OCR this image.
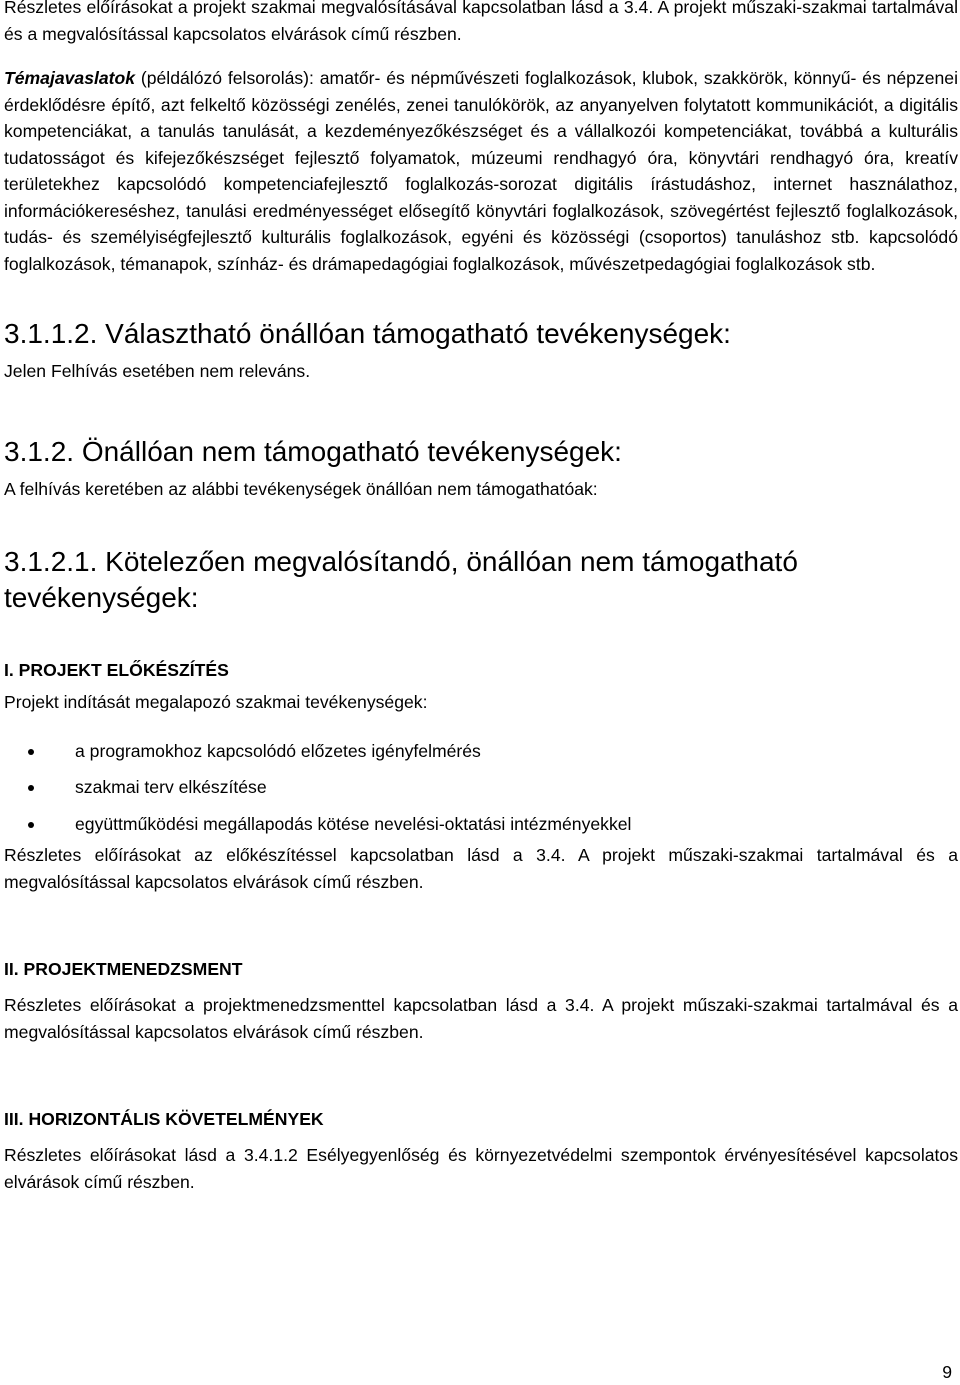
Részletes előírásokat a projekt szakmai megvalósításával kapcsolatban lásd a 3.4. A projekt műszaki-szakmai tartalmával és a megvalósítással kapcsolatos elvárások című részben.

Témajavaslatok (példálózó felsorolás): amatőr- és népművészeti foglalkozások, klubok, szakkörök, könnyű- és népzenei érdeklődésre építő, azt felkeltő közösségi zenélés, zenei tanulókörök, az anyanyelven folytatott kommunikációt, a digitális kompetenciákat, a tanulás tanulását, a kezdeményezőkészséget és a vállalkozói kompetenciákat, továbbá a kulturális tudatosságot és kifejezőkészséget fejlesztő folyamatok, múzeumi rendhagyó óra, könyvtári rendhagyó óra, kreatív területekhez kapcsolódó kompetenciafejlesztő foglalkozás-sorozat digitális írástudáshoz, internet használathoz, információkereséshez, tanulási eredményességet elősegítő könyvtári foglalkozások, szövegértést fejlesztő foglalkozások, tudás- és személyiségfejlesztő kulturális foglalkozások, egyéni és közösségi (csoportos) tanuláshoz stb. kapcsolódó foglalkozások, témanapok, színház- és drámapedagógiai foglalkozások, művészetpedagógiai foglalkozások stb.

3.1.1.2. Választható önállóan támogatható tevékenységek:

Jelen Felhívás esetében nem releváns.

3.1.2. Önállóan nem támogatható tevékenységek:

A felhívás keretében az alábbi tevékenységek önállóan nem támogathatóak:

3.1.2.1. Kötelezően megvalósítandó, önállóan nem támogatható tevékenységek:

I. PROJEKT ELŐKÉSZÍTÉS

Projekt indítását megalapozó szakmai tevékenységek:

a programokhoz kapcsolódó előzetes igényfelmérés
szakmai terv elkészítése
együttműködési megállapodás kötése nevelési-oktatási intézményekkel

Részletes előírásokat az előkészítéssel kapcsolatban lásd a 3.4. A projekt műszaki-szakmai tartalmával és a megvalósítással kapcsolatos elvárások című részben.

II. PROJEKTMENEDZSMENT

Részletes előírásokat a projektmenedzsmenttel kapcsolatban lásd a 3.4. A projekt műszaki-szakmai tartalmával és a megvalósítással kapcsolatos elvárások című részben.

III. HORIZONTÁLIS KÖVETELMÉNYEK

Részletes előírásokat lásd a 3.4.1.2 Esélyegyenlőség és környezetvédelmi szempontok érvényesítésével kapcsolatos elvárások című részben.

9
